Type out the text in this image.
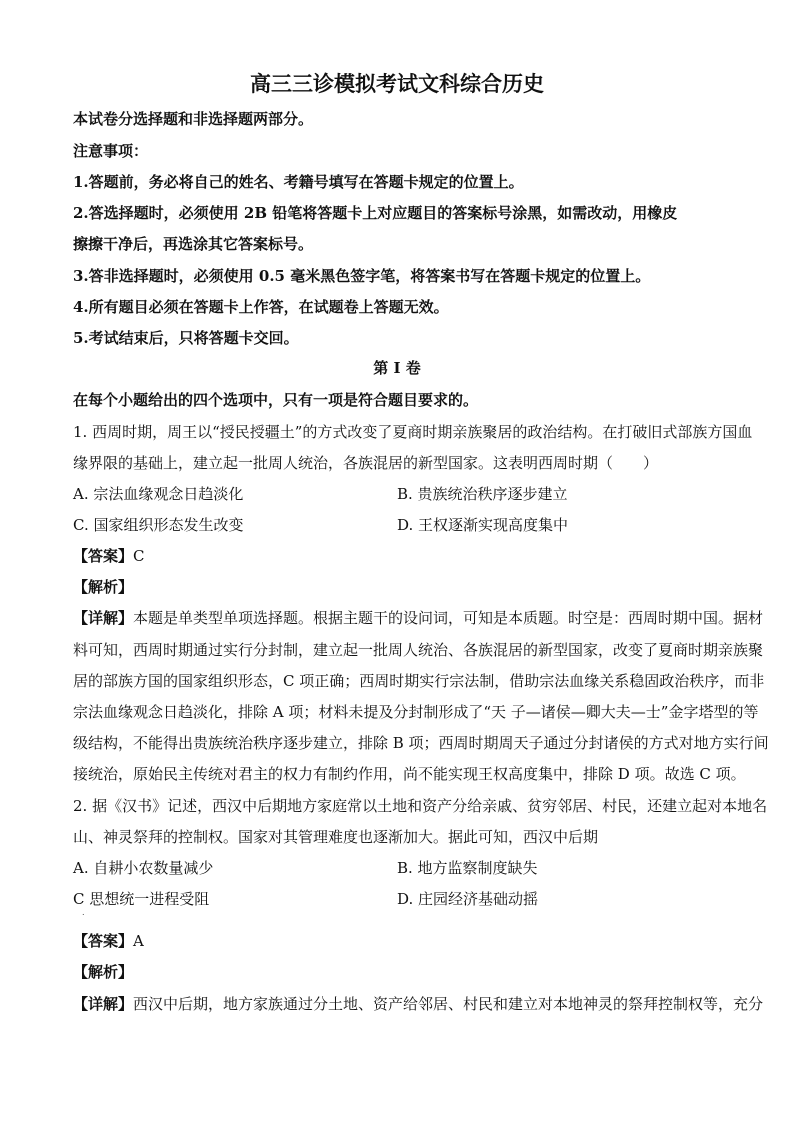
高三三诊模拟考试文科综合历史
本试卷分选择题和非选择题两部分。
注意事项：
1.答题前，务必将自己的姓名、考籍号填写在答题卡规定的位置上。
2.答选择题时，必须使用 2B 铅笔将答题卡上对应题目的答案标号涂黑，如需改动，用橡皮
擦擦干净后，再选涂其它答案标号。
3.答非选择题时，必须使用 0.5 毫米黑色签字笔，将答案书写在答题卡规定的位置上。
4.所有题目必须在答题卡上作答，在试题卷上答题无效。
5.考试结束后，只将答题卡交回。
第 I 卷
在每个小题给出的四个选项中，只有一项是符合题目要求的。
1. 西周时期，周王以“授民授疆土”的方式改变了夏商时期亲族聚居的政治结构。在打破旧式部族方国血
缘界限的基础上，建立起一批周人统治，各族混居的新型国家。这表明西周时期（　　）
A. 宗法血缘观念日趋淡化	B. 贵族统治秩序逐步建立
C. 国家组织形态发生改变	D. 王权逐渐实现高度集中
【答案】C
【解析】
【详解】本题是单类型单项选择题。根据主题干的设问词，可知是本质题。时空是：西周时期中国。据材
料可知，西周时期通过实行分封制，建立起一批周人统治、各族混居的新型国家，改变了夏商时期亲族聚
居的部族方国的国家组织形态，C 项正确；西周时期实行宗法制，借助宗法血缘关系稳固政治秩序，而非
宗法血缘观念日趋淡化，排除 A 项；材料未提及分封制形成了“天 子—诸侯—卿大夫—士”金字塔型的等
级结构，不能得出贵族统治秩序逐步建立，排除 B 项；西周时期周天子通过分封诸侯的方式对地方实行间
接统治，原始民主传统对君主的权力有制约作用，尚不能实现王权高度集中，排除 D 项。故选 C 项。
2. 据《汉书》记述，西汉中后期地方家庭常以土地和资产分给亲戚、贫穷邻居、村民，还建立起对本地名
山、神灵祭拜的控制权。国家对其管理难度也逐渐加大。据此可知，西汉中后期
A. 自耕小农数量减少	B. 地方监察制度缺失
C 思想统一进程受阻	D. 庄园经济基础动摇
.
【答案】A
【解析】
【详解】西汉中后期，地方家族通过分土地、资产给邻居、村民和建立对本地神灵的祭拜控制权等，充分
